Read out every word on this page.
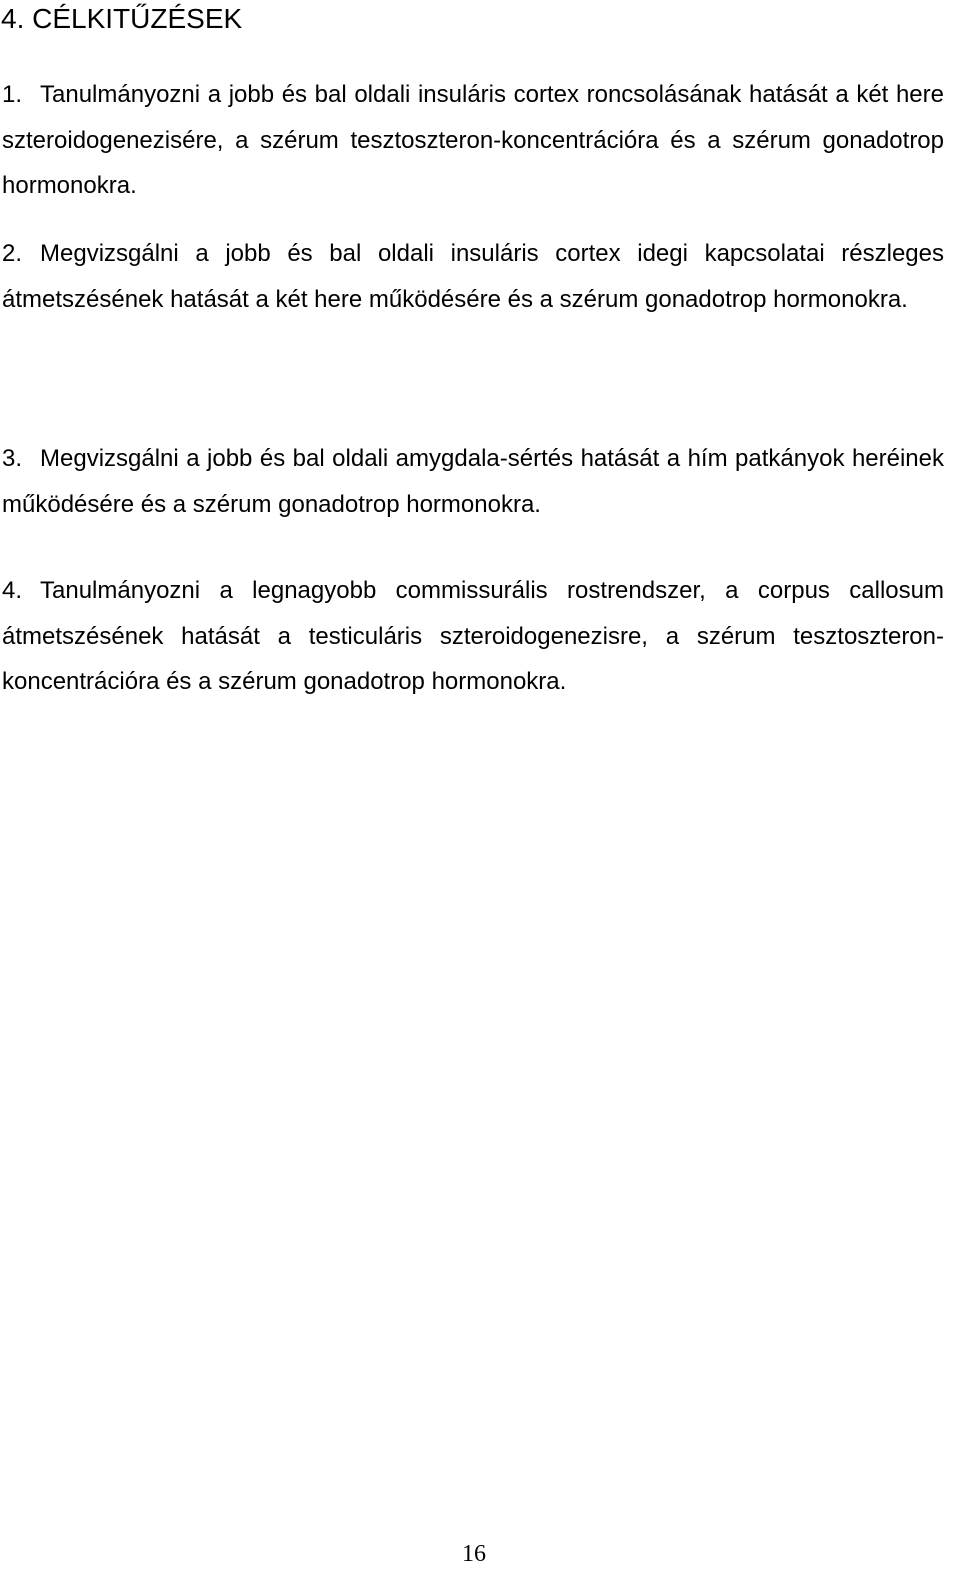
4. CÉLKITŰZÉSEK
1. Tanulmányozni a jobb és bal oldali insuláris cortex roncsolásának hatását a két here szteroidogenezisére, a szérum tesztoszteron-koncentrációra és a szérum gonadotrop hormonokra.
2. Megvizsgálni a jobb és bal oldali insuláris cortex idegi kapcsolatai részleges átmetszésének hatását a két here működésére és a szérum gonadotrop hormonokra.
3. Megvizsgálni a jobb és bal oldali amygdala-sértés hatását a hím patkányok heréinek működésére és a szérum gonadotrop hormonokra.
4. Tanulmányozni a legnagyobb commissurális rostrendszer, a corpus callosum átmetszésének hatását a testiculáris szteroidogenezisre, a szérum tesztoszteron-koncentrációra és a szérum gonadotrop hormonokra.
16
